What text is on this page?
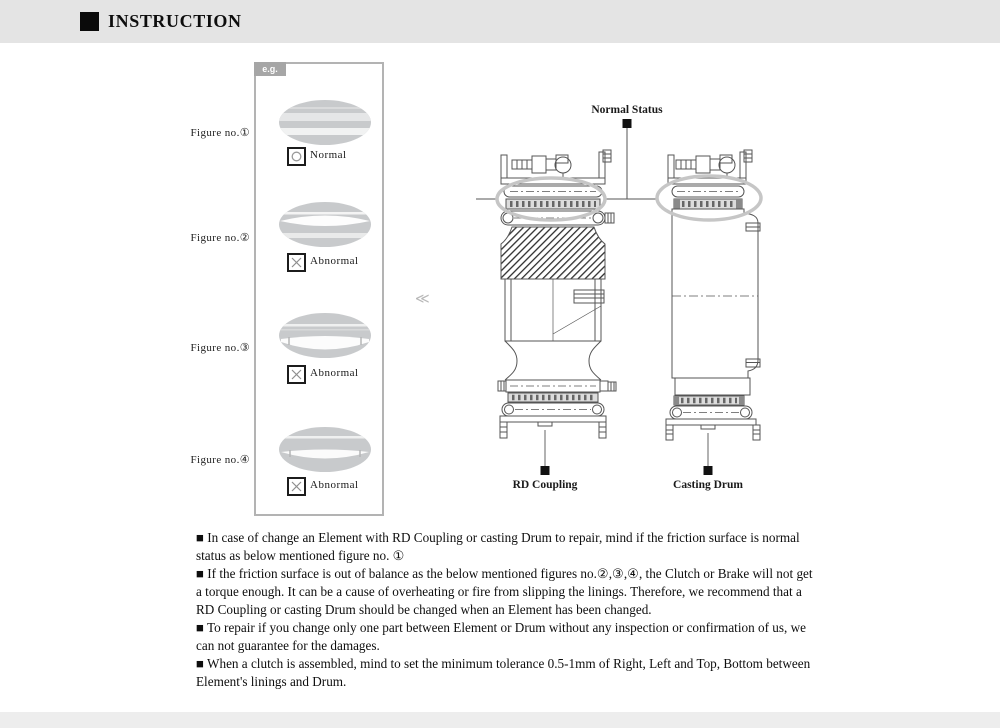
INSTRUCTION
Figure no.①
Figure no.②
Figure no.③
Figure no.④
e.g.
Normal
Abnormal
Abnormal
Abnormal
≪
Normal Status
RD Coupling	Casting Drum

■ In case of change an Element with RD Coupling or casting Drum to repair, mind if the friction surface is normal status as below mentioned figure no. ①

■ If the friction surface is out of balance as the below mentioned figures no.②,③,④, the Clutch or Brake will not get a torque enough. It can be a cause of overheating or fire from slipping the linings. Therefore, we recommend that a RD Coupling or casting Drum should be changed when an Element has been changed.

■ To repair if you change only one part between Element or Drum without any inspection or confirmation of us, we can not guarantee for the damages.

■ When a clutch is assembled, mind to set the minimum tolerance 0.5-1mm of Right, Left and Top, Bottom between Element's linings and Drum.
